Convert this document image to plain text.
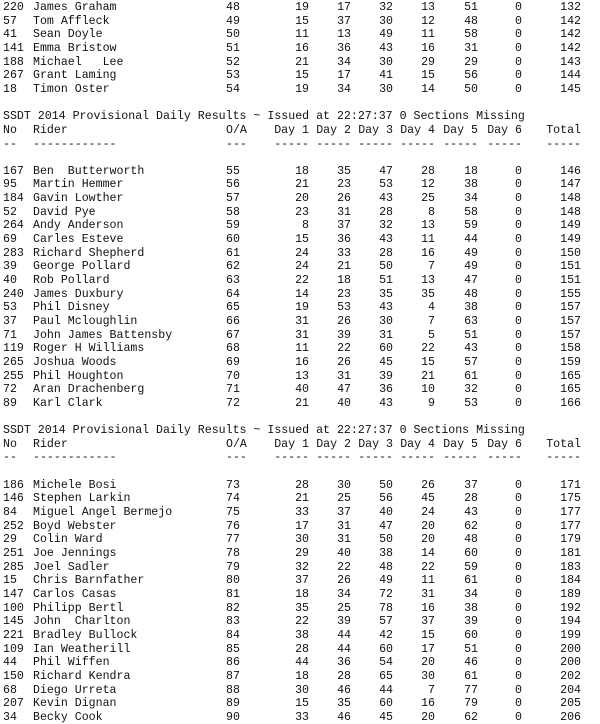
220 James Graham	48	19	17	32	13	51	0	132
57 Tom Affleck	49	15	37	30	12	48	0	142
41 Sean Doyle	50	11	13	49	11	58	0	142
141 Emma Bristow	51	16	36	43	16	31	0	142
188 Michael   Lee	52	21	34	30	29	29	0	143
267 Grant Laming	53	15	17	41	15	56	0	144
18 Timon Oster	54	19	34	30	14	50	0	145
SSDT 2014 Provisional Daily Results ~ Issued at 22:27:37 0 Sections Missing
No Rider	O/A	Day 1 Day 2 Day 3 Day 4 Day 5 Day 6	Total
-- ------------	---	----- ----- ----- ----- ----- -----	-----
167 Ben  Butterworth	55	18	35	47	28	18	0	146
95 Martin Hemmer	56	21	23	53	12	38	0	147
184 Gavin Lowther	57	20	26	43	25	34	0	148
52 David Pye	58	23	31	28	8	58	0	148
264 Andy Anderson	59	8	37	32	13	59	0	149
69 Carles Esteve	60	15	36	43	11	44	0	149
283 Richard Shepherd	61	24	33	28	16	49	0	150
39 George Pollard	62	24	21	50	7	49	0	151
40 Rob Pollard	63	22	18	51	13	47	0	151
240 James Duxbury	64	14	23	35	35	48	0	155
53 Phil Disney	65	19	53	43	4	38	0	157
37 Paul Mcloughlin	66	31	26	30	7	63	0	157
71 John James Battensby	67	31	39	31	5	51	0	157
119 Roger H Williams	68	11	22	60	22	43	0	158
265 Joshua Woods	69	16	26	45	15	57	0	159
255 Phil Houghton	70	13	31	39	21	61	0	165
72 Aran Drachenberg	71	40	47	36	10	32	0	165
89 Karl Clark	72	21	40	43	9	53	0	166
SSDT 2014 Provisional Daily Results ~ Issued at 22:27:37 0 Sections Missing
No Rider	O/A	Day 1 Day 2 Day 3 Day 4 Day 5 Day 6	Total
-- ------------	---	----- ----- ----- ----- ----- -----	-----
186 Michele Bosi	73	28	30	50	26	37	0	171
146 Stephen Larkin	74	21	25	56	45	28	0	175
84 Miguel Angel Bermejo	75	33	37	40	24	43	0	177
252 Boyd Webster	76	17	31	47	20	62	0	177
29 Colin Ward	77	30	31	50	20	48	0	179
251 Joe Jennings	78	29	40	38	14	60	0	181
285 Joel Sadler	79	32	22	48	22	59	0	183
15 Chris Barnfather	80	37	26	49	11	61	0	184
147 Carlos Casas	81	18	34	72	31	34	0	189
100 Philipp Bertl	82	35	25	78	16	38	0	192
145 John  Charlton	83	22	39	57	37	39	0	194
221 Bradley Bullock	84	38	44	42	15	60	0	199
109 Ian Weatherill	85	28	44	60	17	51	0	200
44 Phil Wiffen	86	44	36	54	20	46	0	200
150 Richard Kendra	87	18	28	65	30	61	0	202
68 Diego Urreta	88	30	46	44	7	77	0	204
207 Kevin Dignan	89	15	35	60	16	79	0	205
34 Becky Cook	90	33	46	45	20	62	0	206
